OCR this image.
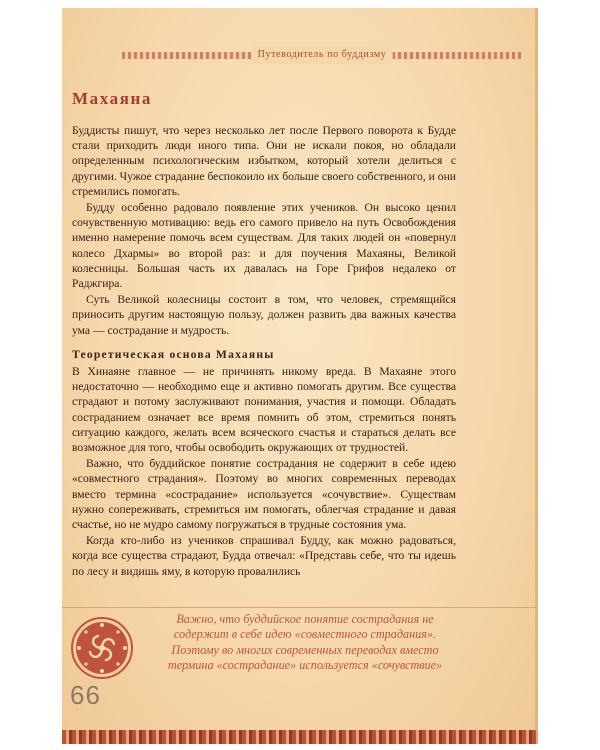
Путеводитель по буддизму
Махаяна

Буддисты пишут, что через несколько лет после Первого поворота к Будде стали приходить люди иного типа. Они не искали покоя, но обладали определенным психологическим избытком, который хотели делиться с другими. Чужое страдание беспокоило их больше своего собственного, и они стремились помогать.

Будду особенно радовало появление этих учеников. Он высоко ценил сочувственную мотивацию: ведь его самого привело на путь Освобождения именно намерение помочь всем существам. Для таких людей он «повернул колесо Дхармы» во второй раз: и для поучения Махаяны, Великой колесницы. Большая часть их давалась на Горе Грифов недалеко от Раджгира.

Суть Великой колесницы состоит в том, что человек, стремящийся приносить другим настоящую пользу, должен развить два важных качества ума — сострадание и мудрость.

Теоретическая основа Махаяны

В Хинаяне главное — не причинять никому вреда. В Махаяне этого недостаточно — необходимо еще и активно помогать другим. Все существа страдают и потому заслуживают понимания, участия и помощи. Обладать состраданием означает все время помнить об этом, стремиться понять ситуацию каждого, желать всем всяческого счастья и стараться делать все возможное для того, чтобы освободить окружающих от трудностей.

Важно, что буддийское понятие сострадания не содержит в себе идею «совместного страдания». Поэтому во многих современных переводах вместо термина «сострадание» используется «сочувствие». Существам нужно сопереживать, стремиться им помогать, облегчая страдание и давая счастье, но не мудро самому погружаться в трудные состояния ума.

Когда кто-либо из учеников спрашивал Будду, как можно радоваться, когда все существа страдают, Будда отвечал: «Представь себе, что ты идешь по лесу и видишь яму, в которую провалились

Важно, что буддийское понятие сострадания не содержит в себе идею «совместного страдания». Поэтому во многих современных переводах вместо термина «сострадание» используется «сочувствие»
66
